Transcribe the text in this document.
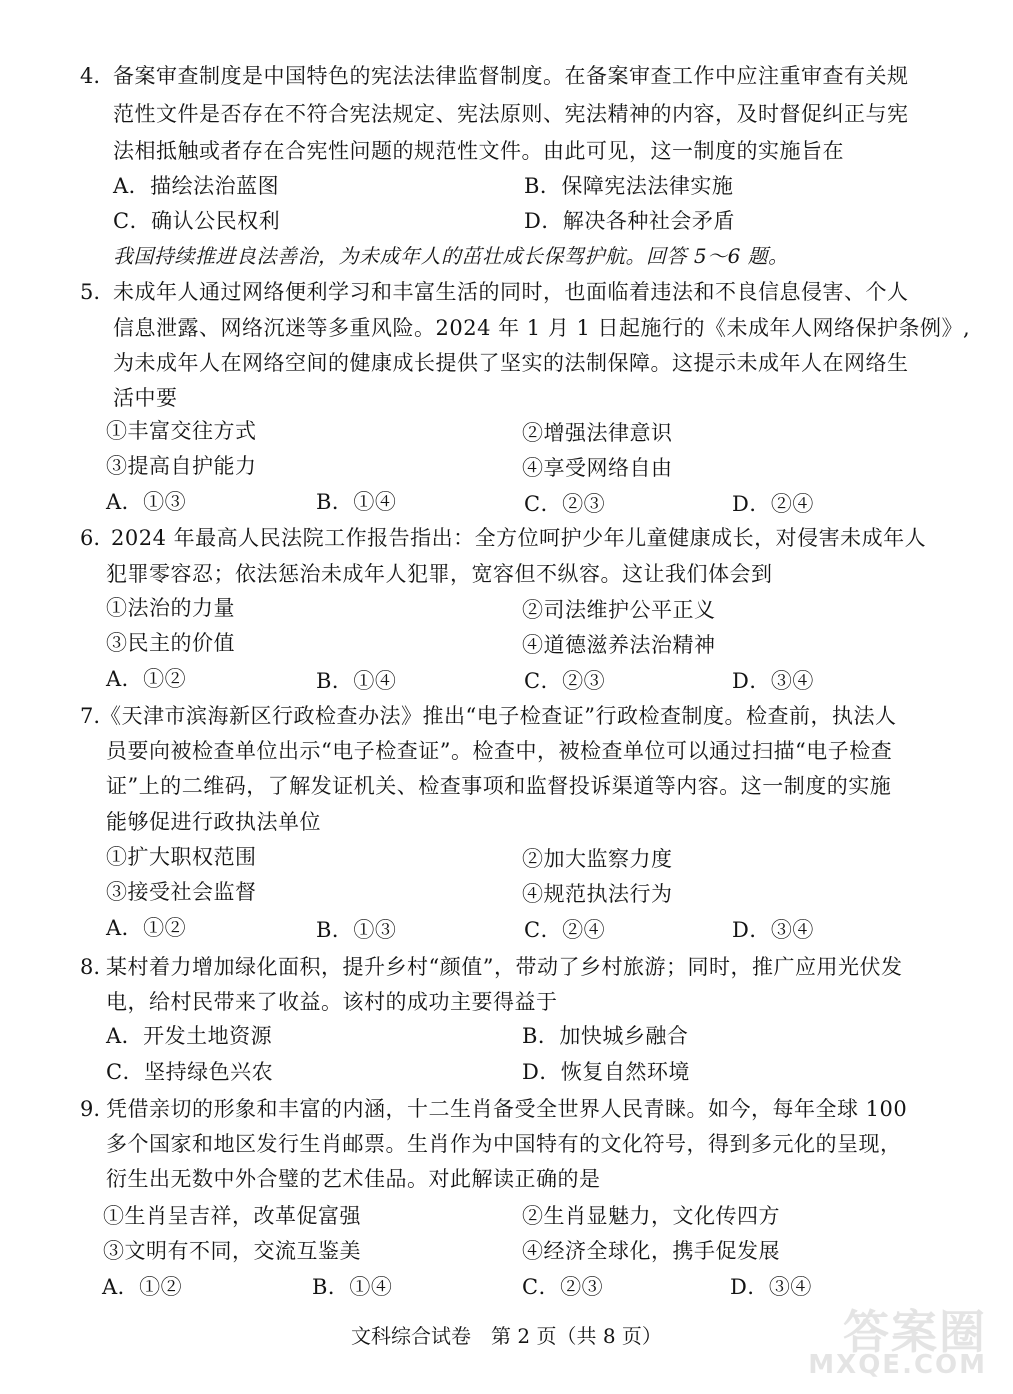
4. 备案审查制度是中国特色的宪法法律监督制度。在备案审查工作中应注重审查有关规
范性文件是否存在不符合宪法规定、宪法原则、宪法精神的内容，及时督促纠正与宪
法相抵触或者存在合宪性问题的规范性文件。由此可见，这一制度的实施旨在
A．描绘法治蓝图	B．保障宪法法律实施
C．确认公民权利	D．解决各种社会矛盾
我国持续推进良法善治，为未成年人的茁壮成长保驾护航。回答 5～6 题。
5. 未成年人通过网络便利学习和丰富生活的同时，也面临着违法和不良信息侵害、个人
信息泄露、网络沉迷等多重风险。2024 年 1 月 1 日起施行的《未成年人网络保护条例》,
为未成年人在网络空间的健康成长提供了坚实的法制保障。这提示未成年人在网络生
活中要
①丰富交往方式	②增强法律意识
③提高自护能力	④享受网络自由
A．①③	B．①④	C．②③	D．②④
6. 2024 年最高人民法院工作报告指出：全方位呵护少年儿童健康成长，对侵害未成年人
犯罪零容忍；依法惩治未成年人犯罪，宽容但不纵容。这让我们体会到
①法治的力量	②司法维护公平正义
③民主的价值	④道德滋养法治精神
A．①②	B．①④	C．②③	D．③④
7. 《天津市滨海新区行政检查办法》推出“电子检查证”行政检查制度。检查前，执法人
员要向被检查单位出示“电子检查证”。检查中，被检查单位可以通过扫描“电子检查
证”上的二维码，了解发证机关、检查事项和监督投诉渠道等内容。这一制度的实施
能够促进行政执法单位
①扩大职权范围	②加大监察力度
③接受社会监督	④规范执法行为
A．①②	B．①③	C．②④	D．③④
8. 某村着力增加绿化面积，提升乡村“颜值”，带动了乡村旅游；同时，推广应用光伏发
电，给村民带来了收益。该村的成功主要得益于
A．开发土地资源	B．加快城乡融合
C．坚持绿色兴农	D．恢复自然环境
9. 凭借亲切的形象和丰富的内涵，十二生肖备受全世界人民青睐。如今，每年全球 100
多个国家和地区发行生肖邮票。生肖作为中国特有的文化符号，得到多元化的呈现，
衍生出无数中外合璧的艺术佳品。对此解读正确的是
①生肖呈吉祥，改革促富强	②生肖显魅力，文化传四方
③文明有不同，交流互鉴美	④经济全球化，携手促发展
A．①②	B．①④	C．②③	D．③④
文科综合试卷　第 2 页（共 8 页）	答案圈
MXQE.COM
